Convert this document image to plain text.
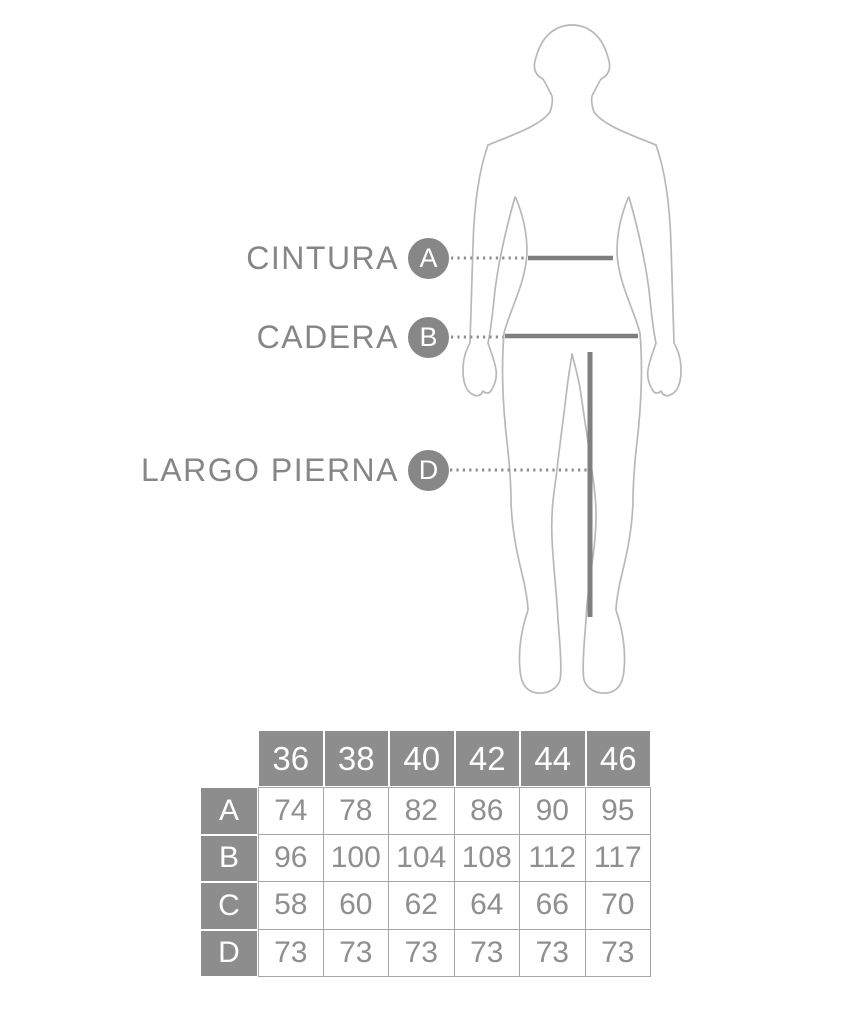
CINTURA A
CADERA B
LARGO PIERNA D
36 38 40 42 44 46
A	74	78	82	86	90	95
B	96 100 104 108 112 117
C	58	60	62	64	66	70
D	73	73	73	73	73	73
